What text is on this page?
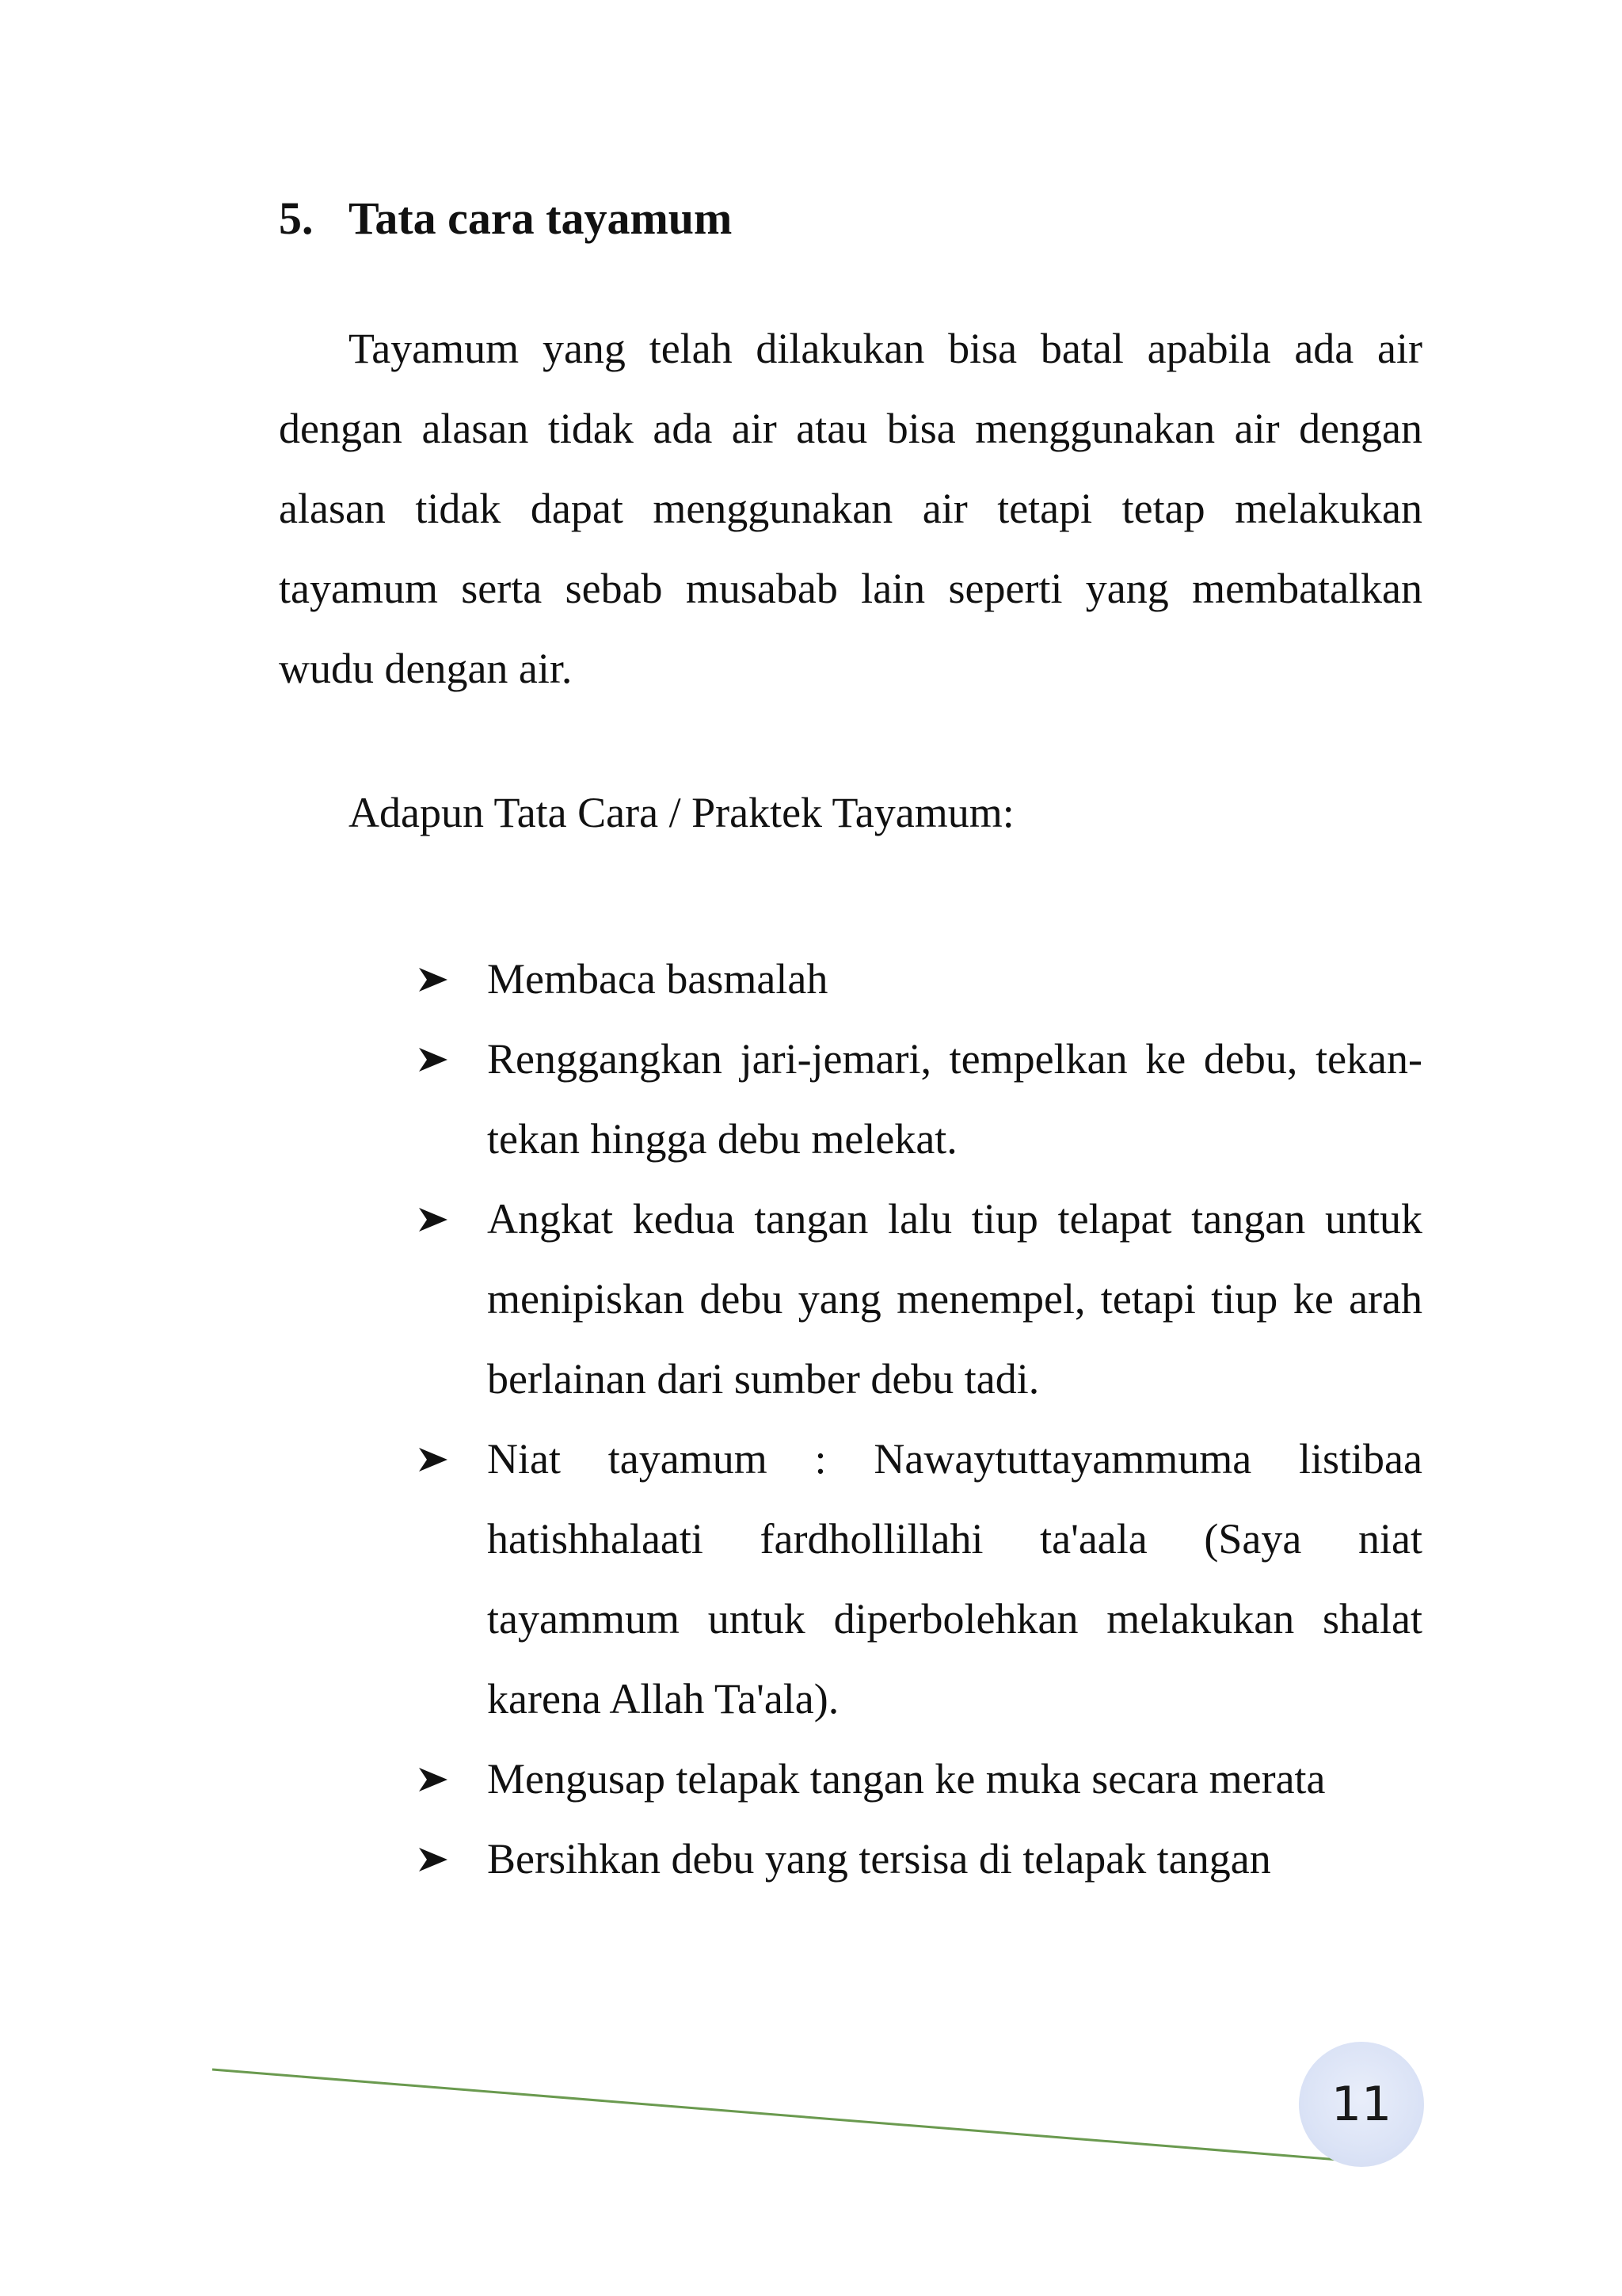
5. Tata cara tayamum

Tayamum yang telah dilakukan bisa batal apabila ada air dengan alasan tidak ada air atau bisa menggunakan air dengan alasan tidak dapat menggunakan air tetapi tetap melakukan tayamum serta sebab musabab lain seperti yang membatalkan wudu dengan air.

Adapun Tata Cara / Praktek Tayamum:

Membaca basmalah
Renggangkan jari-jemari, tempelkan ke debu, tekan-tekan hingga debu melekat.
Angkat kedua tangan lalu tiup telapat tangan untuk menipiskan debu yang menempel, tetapi tiup ke arah berlainan dari sumber debu tadi.
Niat tayamum : Nawaytuttayammuma listibaa hatishhalaati fardhollillahi ta'aala (Saya niat tayammum untuk diperbolehkan melakukan shalat karena Allah Ta'ala).
Mengusap telapak tangan ke muka secara merata
Bersihkan debu yang tersisa di telapak tangan
11
